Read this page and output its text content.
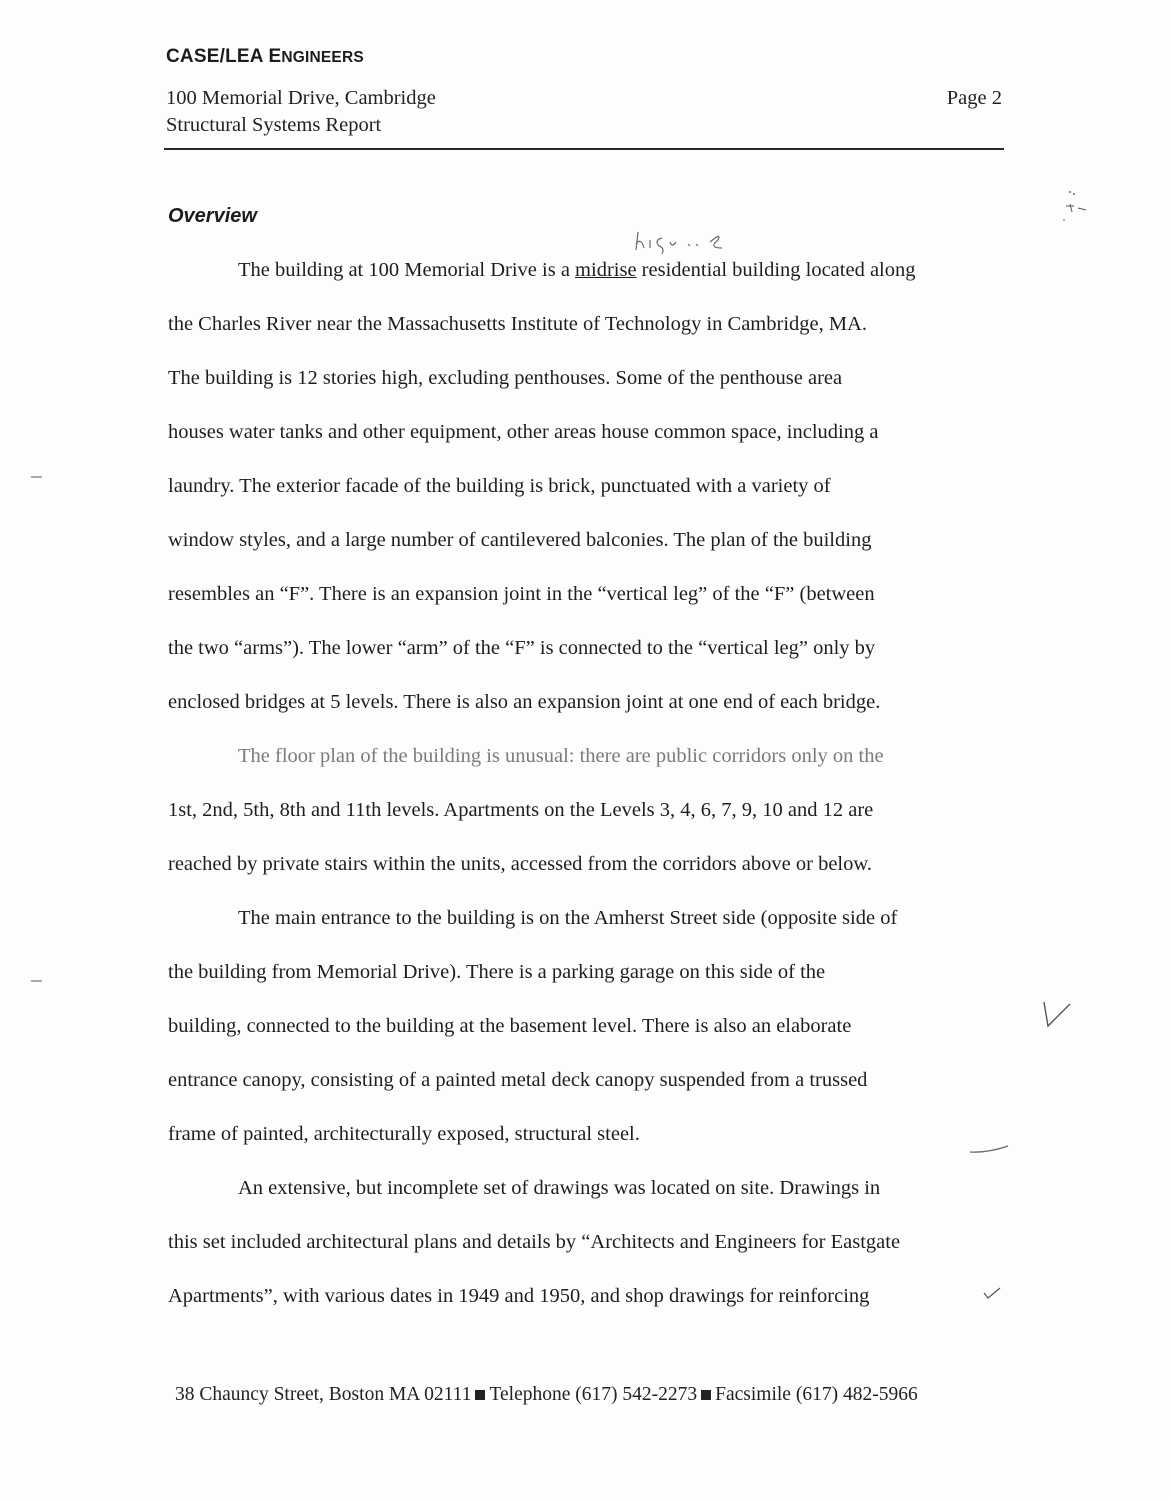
CASE/LEA ENGINEERS
100 Memorial Drive, Cambridge
Structural Systems Report
Page 2
Overview
The building at 100 Memorial Drive is a midrise residential building located along
the Charles River near the Massachusetts Institute of Technology in Cambridge, MA.
The building is 12 stories high, excluding penthouses. Some of the penthouse area
houses water tanks and other equipment, other areas house common space, including a
laundry. The exterior facade of the building is brick, punctuated with a variety of
window styles, and a large number of cantilevered balconies. The plan of the building
resembles an “F”. There is an expansion joint in the “vertical leg” of the “F” (between
the two “arms”). The lower “arm” of the “F” is connected to the “vertical leg” only by
enclosed bridges at 5 levels. There is also an expansion joint at one end of each bridge.
The floor plan of the building is unusual: there are public corridors only on the
1st, 2nd, 5th, 8th and 11th levels. Apartments on the Levels 3, 4, 6, 7, 9, 10 and 12 are
reached by private stairs within the units, accessed from the corridors above or below.
The main entrance to the building is on the Amherst Street side (opposite side of
the building from Memorial Drive). There is a parking garage on this side of the
building, connected to the building at the basement level. There is also an elaborate
entrance canopy, consisting of a painted metal deck canopy suspended from a trussed
frame of painted, architecturally exposed, structural steel.
An extensive, but incomplete set of drawings was located on site. Drawings in
this set included architectural plans and details by “Architects and Engineers for Eastgate
Apartments”, with various dates in 1949 and 1950, and shop drawings for reinforcing
38 Chauncy Street, Boston MA 02111 Telephone (617) 542-2273 Facsimile (617) 482-5966
